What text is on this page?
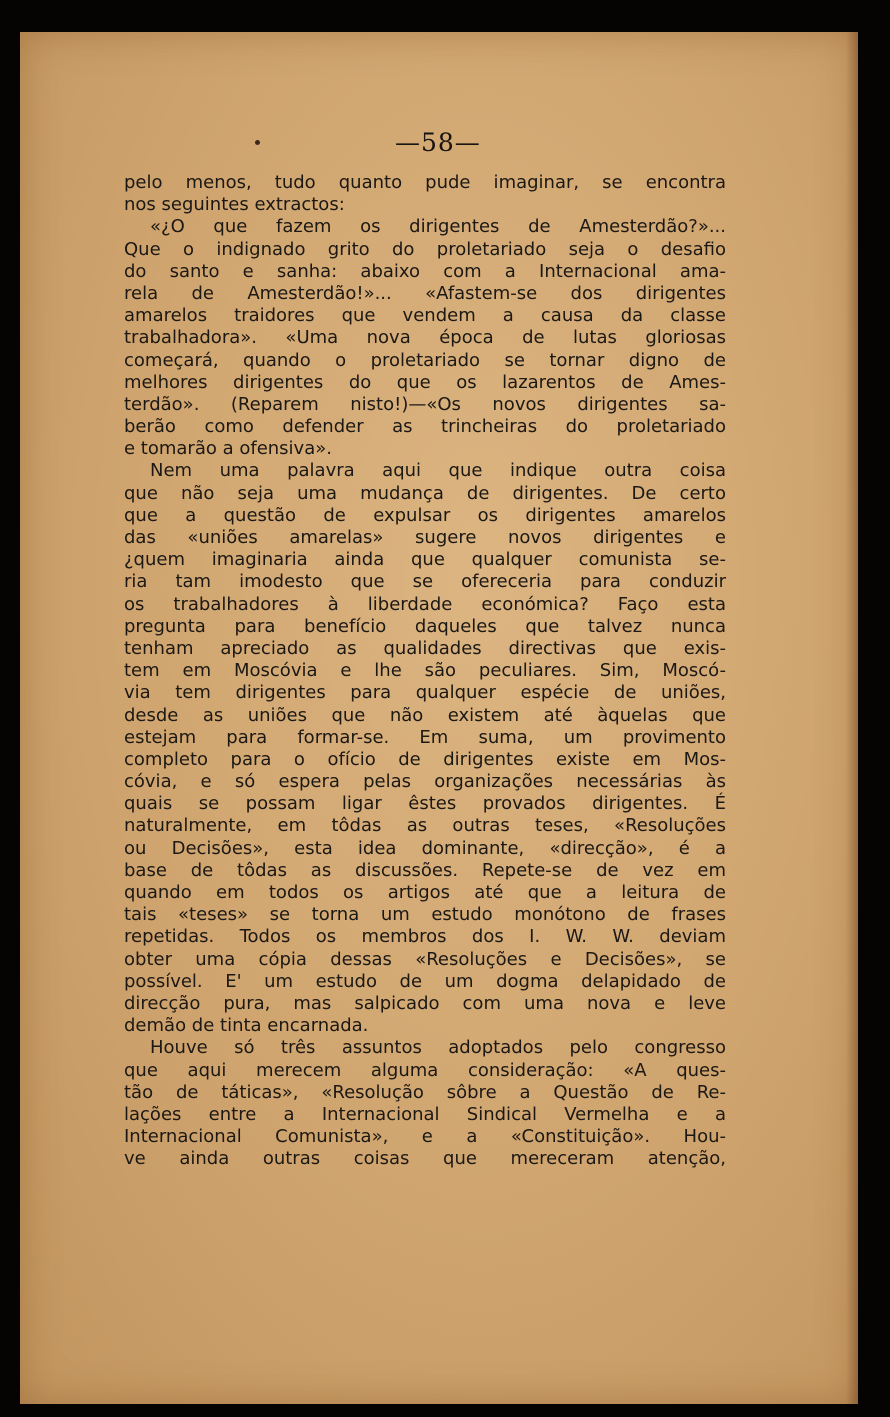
—58—
pelo menos, tudo quanto pude imaginar, se encontra
nos seguintes extractos:
«¿O que fazem os dirigentes de Amesterdão?»...
Que o indignado grito do proletariado seja o desafio
do santo e sanha: abaixo com a Internacional ama-
rela de Amesterdão!»... «Afastem-se dos dirigentes
amarelos traidores que vendem a causa da classe
trabalhadora». «Uma nova época de lutas gloriosas
começará, quando o proletariado se tornar digno de
melhores dirigentes do que os lazarentos de Ames-
terdão». (Reparem nisto!)—«Os novos dirigentes sa-
berão como defender as trincheiras do proletariado
e tomarão a ofensiva».
Nem uma palavra aqui que indique outra coisa
que não seja uma mudança de dirigentes. De certo
que a questão de expulsar os dirigentes amarelos
das «uniões amarelas» sugere novos dirigentes e
¿quem imaginaria ainda que qualquer comunista se-
ria tam imodesto que se ofereceria para conduzir
os trabalhadores à liberdade económica? Faço esta
pregunta para benefício daqueles que talvez nunca
tenham apreciado as qualidades directivas que exis-
tem em Moscóvia e lhe são peculiares. Sim, Moscó-
via tem dirigentes para qualquer espécie de uniões,
desde as uniões que não existem até àquelas que
estejam para formar-se. Em suma, um provimento
completo para o ofício de dirigentes existe em Mos-
cóvia, e só espera pelas organizações necessárias às
quais se possam ligar êstes provados dirigentes. É
naturalmente, em tôdas as outras teses, «Resoluções
ou Decisões», esta idea dominante, «direcção», é a
base de tôdas as discussões. Repete-se de vez em
quando em todos os artigos até que a leitura de
tais «teses» se torna um estudo monótono de frases
repetidas. Todos os membros dos I. W. W. deviam
obter uma cópia dessas «Resoluções e Decisões», se
possível. E' um estudo de um dogma delapidado de
direcção pura, mas salpicado com uma nova e leve
demão de tinta encarnada.
Houve só três assuntos adoptados pelo congresso
que aqui merecem alguma consideração: «A ques-
tão de táticas», «Resolução sôbre a Questão de Re-
lações entre a Internacional Sindical Vermelha e a
Internacional Comunista», e a «Constituição». Hou-
ve ainda outras coisas que mereceram atenção,
